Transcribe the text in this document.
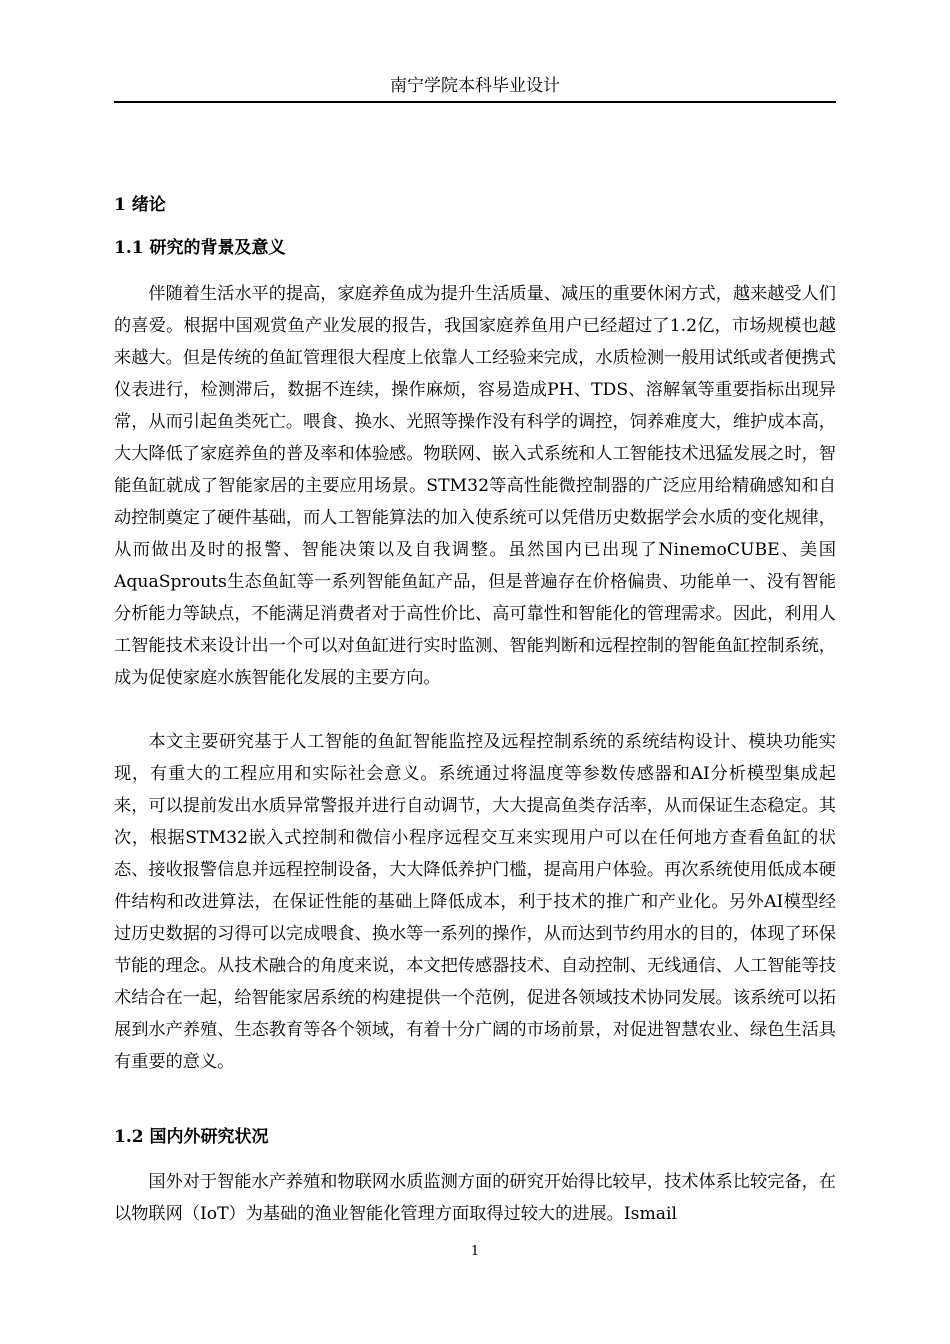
南宁学院本科毕业设计
1 绪论
1.1 研究的背景及意义

伴随着生活水平的提高，家庭养鱼成为提升生活质量、减压的重要休闲方式，越来越受人们的喜爱。根据中国观赏鱼产业发展的报告，我国家庭养鱼用户已经超过了1.2亿，市场规模也越来越大。但是传统的鱼缸管理很大程度上依靠人工经验来完成，水质检测一般用试纸或者便携式仪表进行，检测滞后，数据不连续，操作麻烦，容易造成PH、TDS、溶解氧等重要指标出现异常，从而引起鱼类死亡。喂食、换水、光照等操作没有科学的调控，饲养难度大，维护成本高，大大降低了家庭养鱼的普及率和体验感。物联网、嵌入式系统和人工智能技术迅猛发展之时，智能鱼缸就成了智能家居的主要应用场景。STM32等高性能微控制器的广泛应用给精确感知和自动控制奠定了硬件基础，而人工智能算法的加入使系统可以凭借历史数据学会水质的变化规律，从而做出及时的报警、智能决策以及自我调整。虽然国内已出现了NinemoCUBE、美国AquaSprouts生态鱼缸等一系列智能鱼缸产品，但是普遍存在价格偏贵、功能单一、没有智能分析能力等缺点，不能满足消费者对于高性价比、高可靠性和智能化的管理需求。因此，利用人工智能技术来设计出一个可以对鱼缸进行实时监测、智能判断和远程控制的智能鱼缸控制系统，成为促使家庭水族智能化发展的主要方向。

本文主要研究基于人工智能的鱼缸智能监控及远程控制系统的系统结构设计、模块功能实现，有重大的工程应用和实际社会意义。系统通过将温度等参数传感器和AI分析模型集成起来，可以提前发出水质异常警报并进行自动调节，大大提高鱼类存活率，从而保证生态稳定。其次，根据STM32嵌入式控制和微信小程序远程交互来实现用户可以在任何地方查看鱼缸的状态、接收报警信息并远程控制设备，大大降低养护门槛，提高用户体验。再次系统使用低成本硬件结构和改进算法，在保证性能的基础上降低成本，利于技术的推广和产业化。另外AI模型经过历史数据的习得可以完成喂食、换水等一系列的操作，从而达到节约用水的目的，体现了环保节能的理念。从技术融合的角度来说，本文把传感器技术、自动控制、无线通信、人工智能等技术结合在一起，给智能家居系统的构建提供一个范例，促进各领域技术协同发展。该系统可以拓展到水产养殖、生态教育等各个领域，有着十分广阔的市场前景，对促进智慧农业、绿色生活具有重要的意义。

1.2 国内外研究状况

国外对于智能水产养殖和物联网水质监测方面的研究开始得比较早，技术体系比较完备，在以物联网（IoT）为基础的渔业智能化管理方面取得过较大的进展。Ismail

1
